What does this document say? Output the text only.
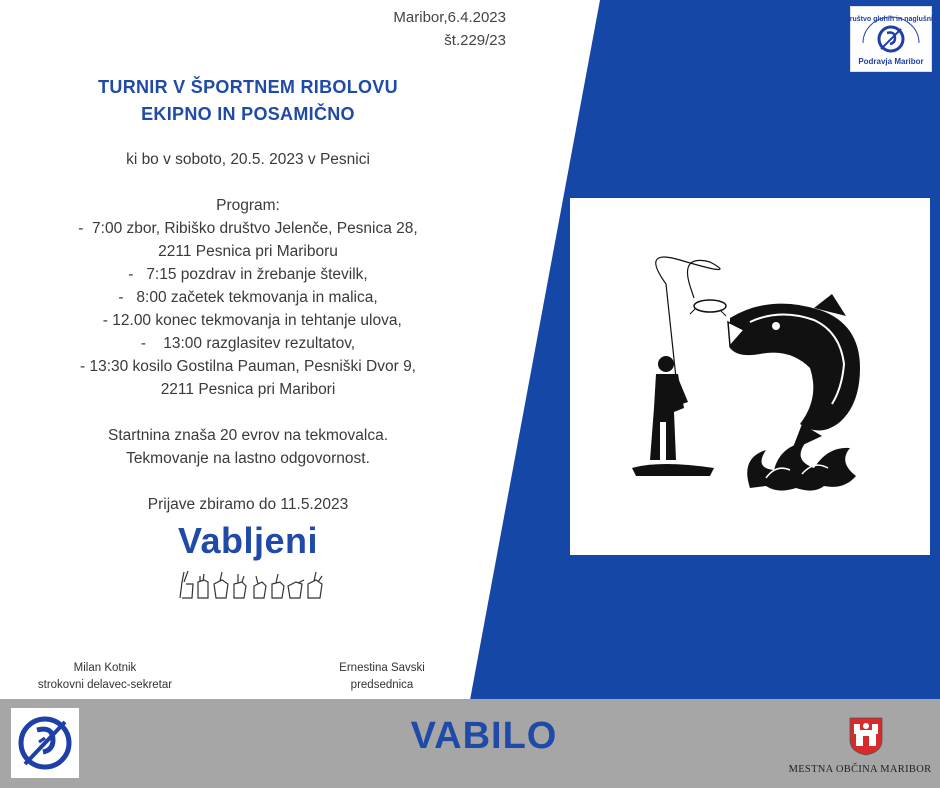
Maribor,6.4.2023
št.229/23
Društvo gluhih in naglušnih
Podravja Maribor
TURNIR V ŠPORTNEM RIBOLOVU
EKIPNO IN POSAMIČNO
ki bo v soboto, 20.5. 2023 v Pesnici
Program:
-  7:00 zbor, Ribiško društvo Jelenče, Pesnica 28,
2211 Pesnica pri Mariboru
-   7:15 pozdrav in žrebanje številk,
-   8:00 začetek tekmovanja in malica,
- 12.00 konec tekmovanja in tehtanje ulova,
-    13:00 razglasitev rezultatov,
- 13:30 kosilo Gostilna Pauman, Pesniški Dvor 9,
2211 Pesnica pri Maribori
Startnina znaša 20 evrov na tekmovalca.
Tekmovanje na lastno odgovornost.
Prijave zbiramo do 11.5.2023
Vabljeni
Milan Kotnik
strokovni delavec-sekretar
Ernestina Savski
predsednica
VABILO
MESTNA OBČINA MARIBOR
